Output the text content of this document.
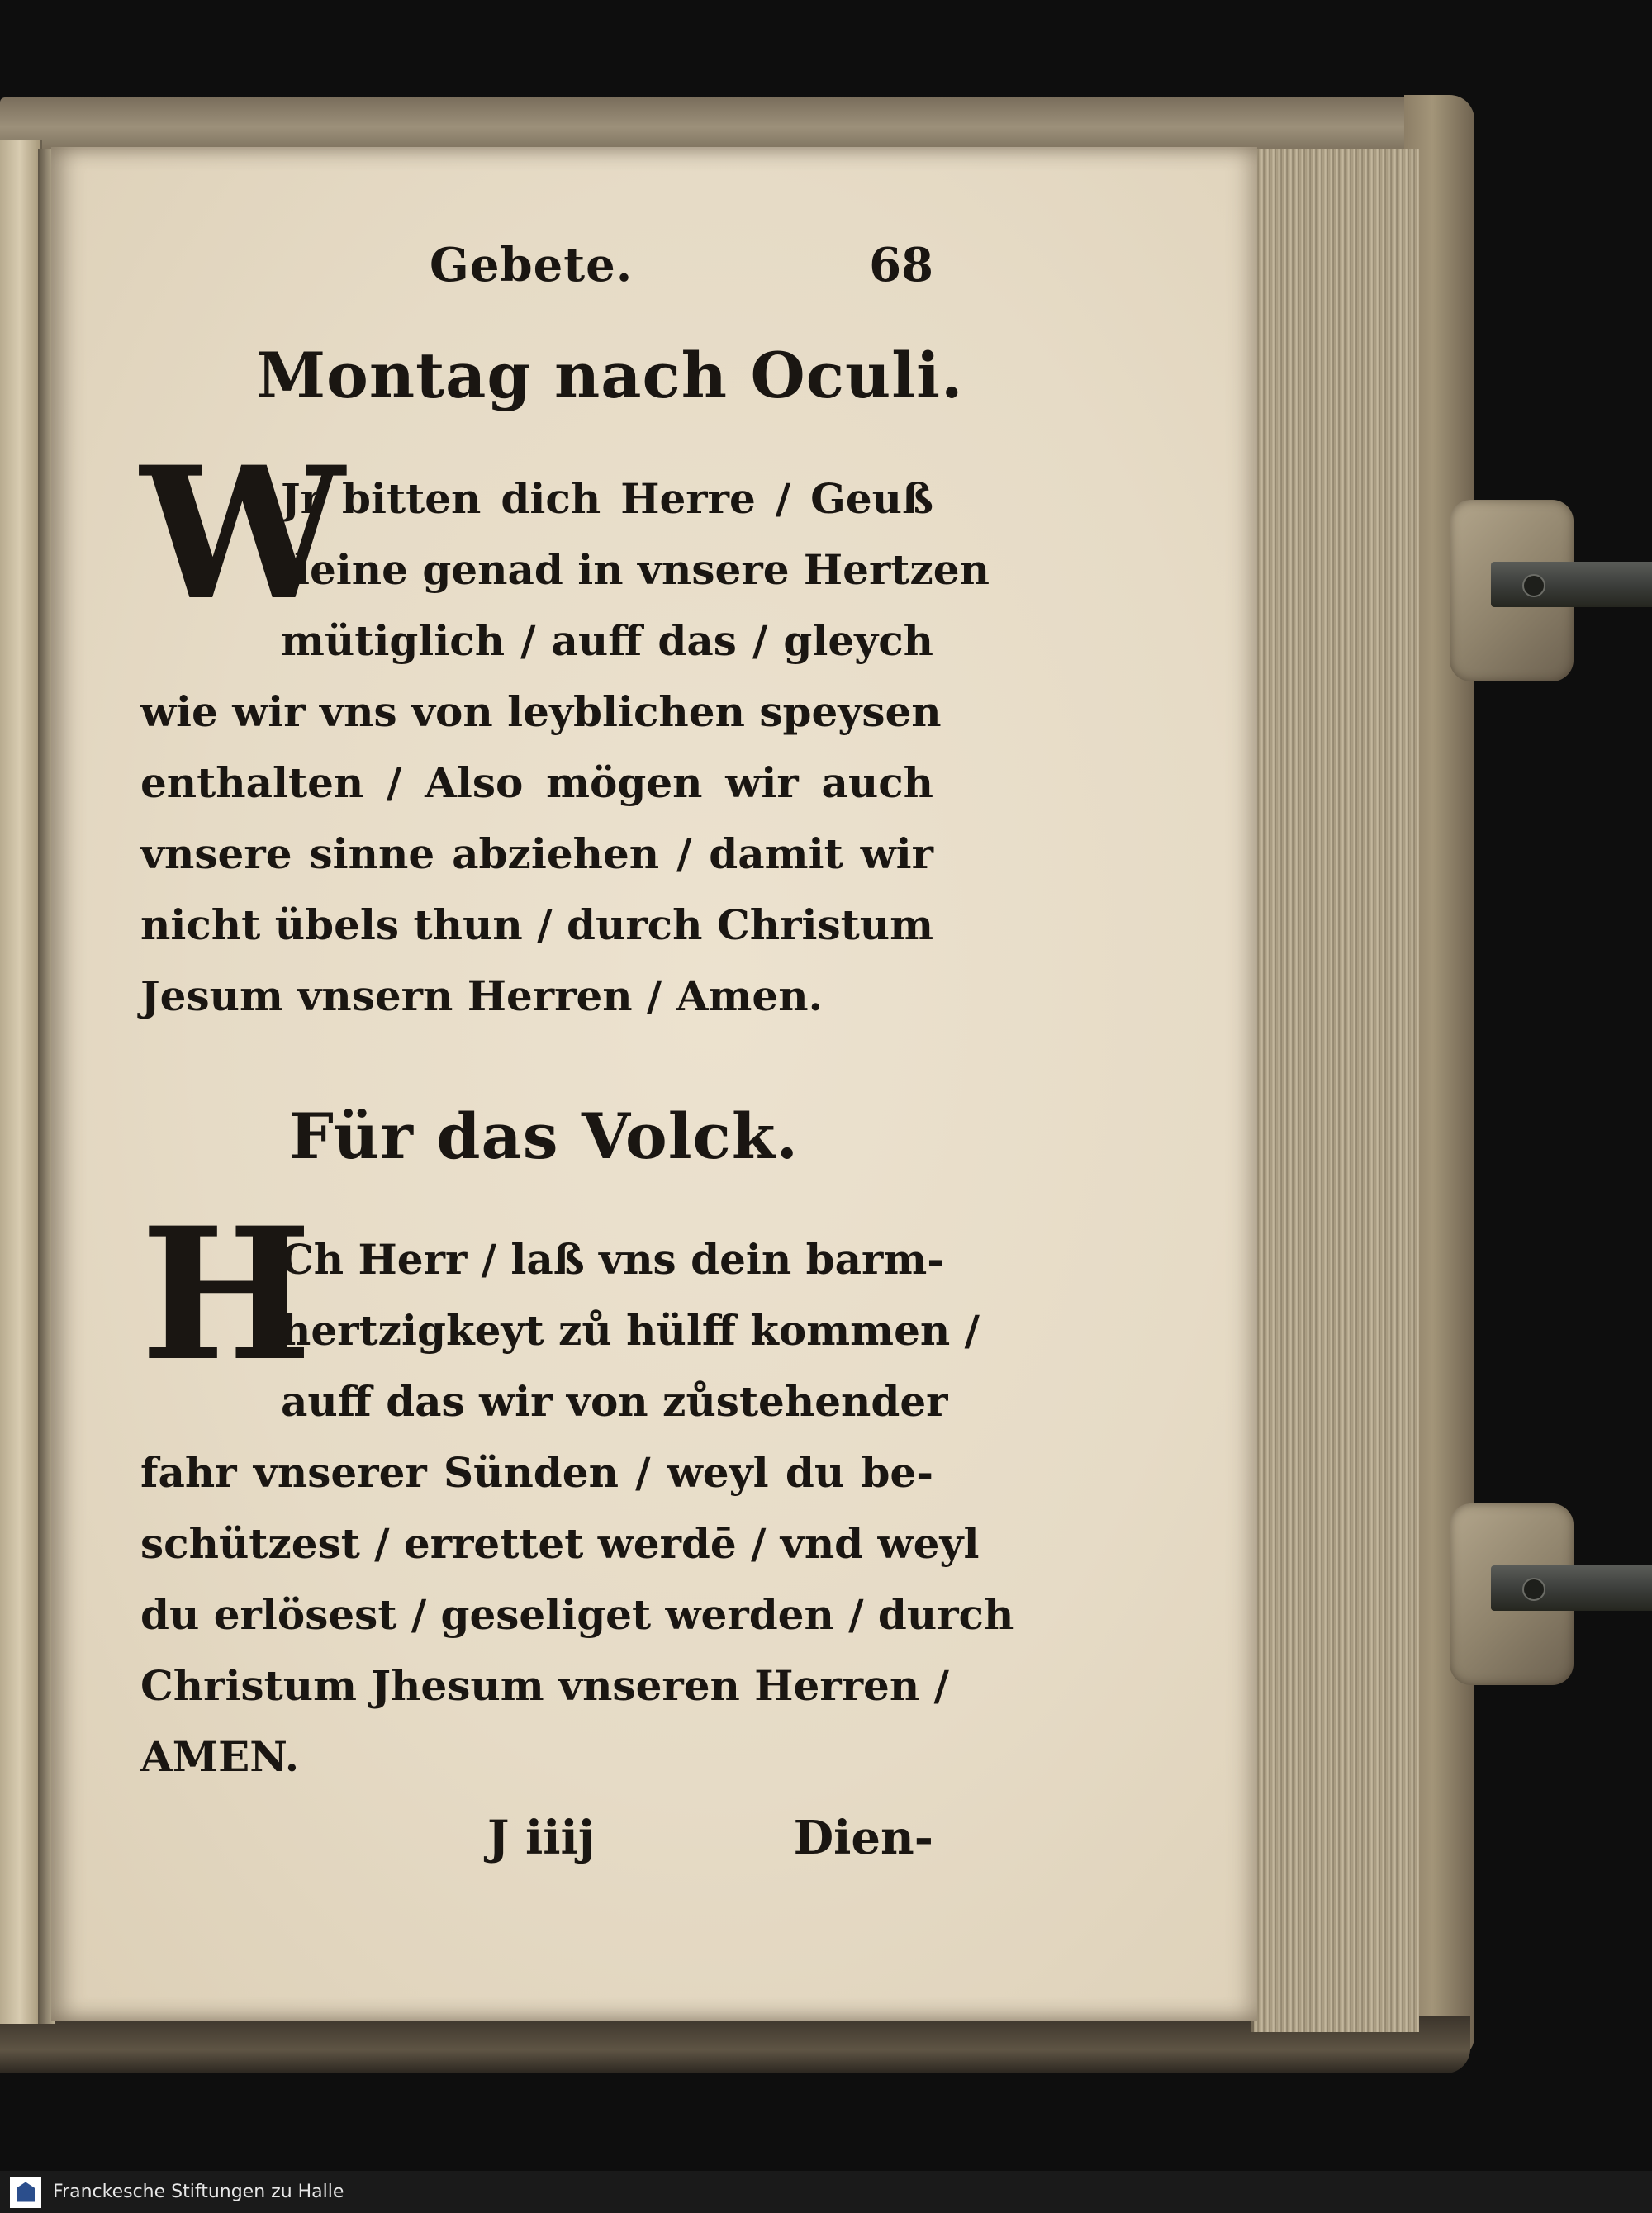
Gebete.	68
Montag nach Oculi.
W
Jr bitten dich Herre / Geuß
deine genad in vnsere Hertzen
mütiglich / auff das / gleych
wie wir vns von leyblichen speysen
enthalten / Also mögen wir auch
vnsere sinne abziehen / damit wir
nicht übels thun / durch Christum
Jesum vnsern Herren / Amen.
Für das Volck.
H
Ch Herr / laß vns dein barm-
hertzigkeyt zů hülff kommen /
auff das wir von zůstehender
fahr vnserer Sünden / weyl du be-
schützest / errettet werdē / vnd weyl
du erlösest / geseliget werden / durch
Christum Jhesum vnseren Herren /
AMEN.
J iiij	Dien-
Franckesche Stiftungen zu Halle
